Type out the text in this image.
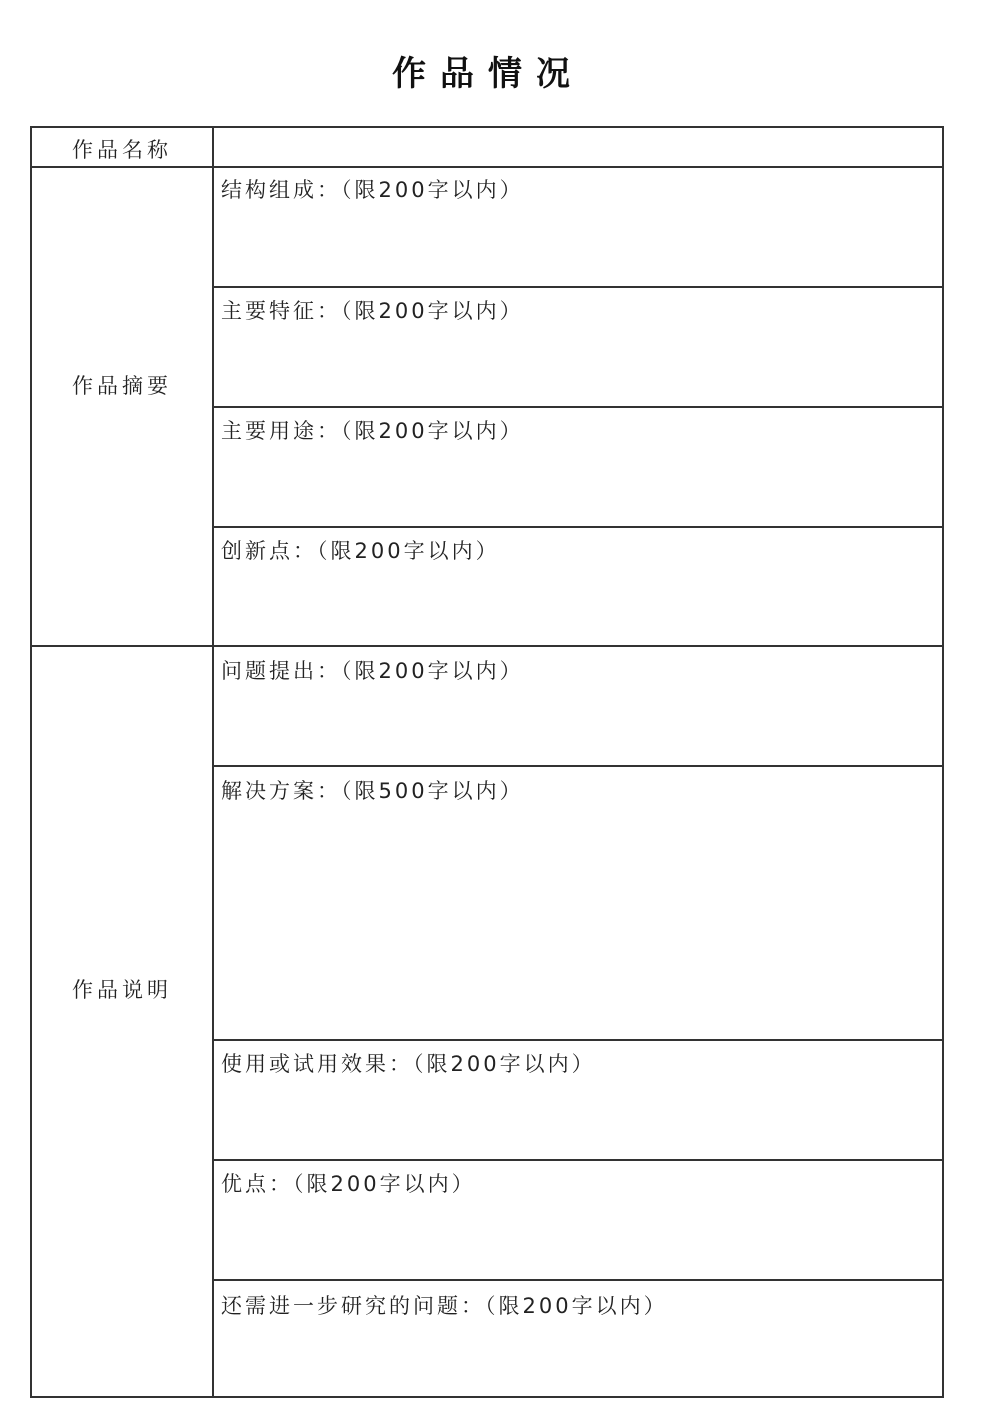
作品情况
作品名称
作品摘要
结构组成：（限200字以内）
主要特征：（限200字以内）
主要用途：（限200字以内）
创新点：（限200字以内）
作品说明
问题提出：（限200字以内）
解决方案：（限500字以内）
使用或试用效果：（限200字以内）
优点：（限200字以内）
还需进一步研究的问题：（限200字以内）
